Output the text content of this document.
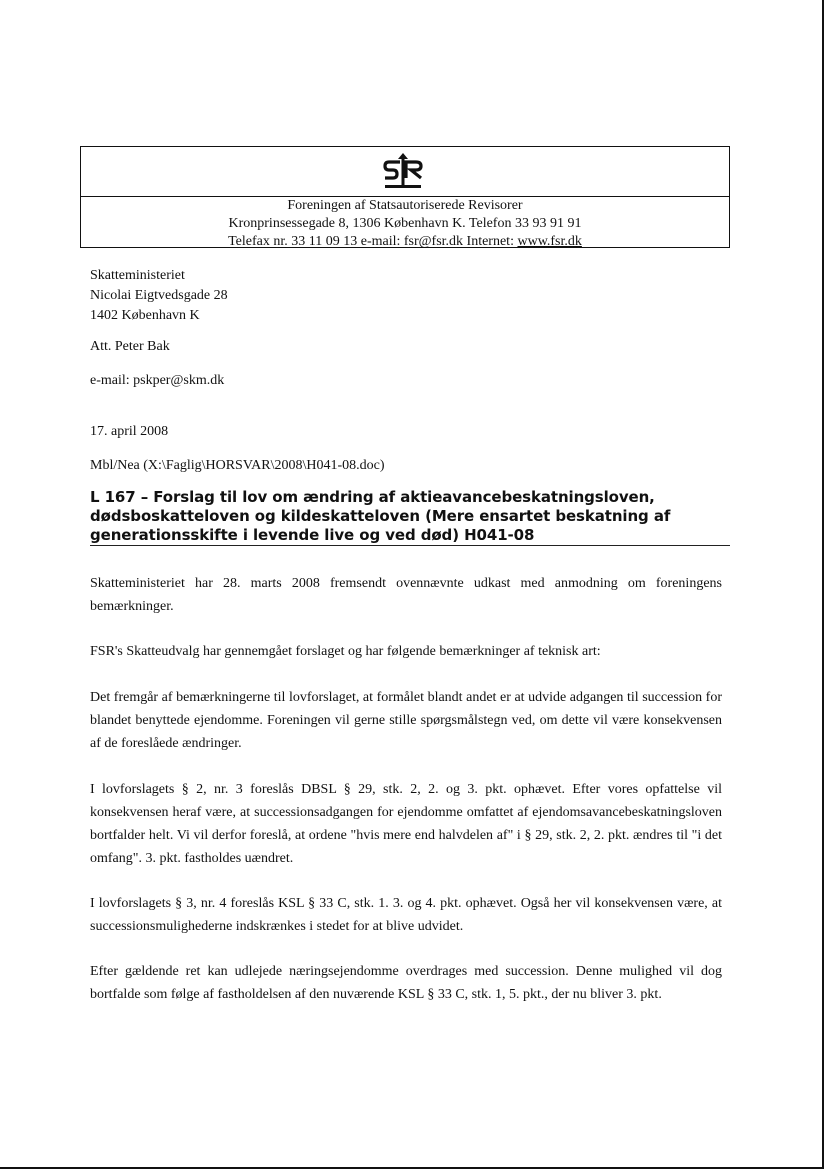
Foreningen af Statsautoriserede Revisorer
Kronprinsessegade 8, 1306 København K. Telefon 33 93 91 91
Telefax nr. 33 11 09 13 e-mail: fsr@fsr.dk Internet: www.fsr.dk
Skatteministeriet
Nicolai Eigtvedsgade 28
1402 København K
Att. Peter Bak
e-mail: pskper@skm.dk
17. april 2008
Mbl/Nea (X:\Faglig\HORSVAR\2008\H041-08.doc)
L 167 – Forslag til lov om ændring af aktieavancebeskatningsloven,
dødsboskatteloven og kildeskatteloven (Mere ensartet beskatning af
generationsskifte i levende live og ved død) H041-08
Skatteministeriet har 28. marts 2008 fremsendt ovennævnte udkast med anmodning om foreningens bemærkninger.
FSR's Skatteudvalg har gennemgået forslaget og har følgende bemærkninger af teknisk art:
Det fremgår af bemærkningerne til lovforslaget, at formålet blandt andet er at udvide adgangen til succession for blandet benyttede ejendomme. Foreningen vil gerne stille spørgsmålstegn ved, om dette vil være konsekvensen af de foreslåede ændringer.
I lovforslagets § 2, nr. 3 foreslås DBSL § 29, stk. 2, 2. og 3. pkt. ophævet. Efter vores opfattelse vil konsekvensen heraf være, at successionsadgangen for ejendomme omfattet af ejendomsavancebeskatningsloven bortfalder helt. Vi vil derfor foreslå, at ordene "hvis mere end halvdelen af" i § 29, stk. 2, 2. pkt. ændres til "i det omfang". 3. pkt. fastholdes uændret.
I lovforslagets § 3, nr. 4 foreslås KSL § 33 C, stk. 1. 3. og 4. pkt. ophævet. Også her vil konsekvensen være, at successionsmulighederne indskrænkes i stedet for at blive udvidet.
Efter gældende ret kan udlejede næringsejendomme overdrages med succession. Denne mulighed vil dog bortfalde som følge af fastholdelsen af den nuværende KSL § 33 C, stk. 1, 5. pkt., der nu bliver 3. pkt.
